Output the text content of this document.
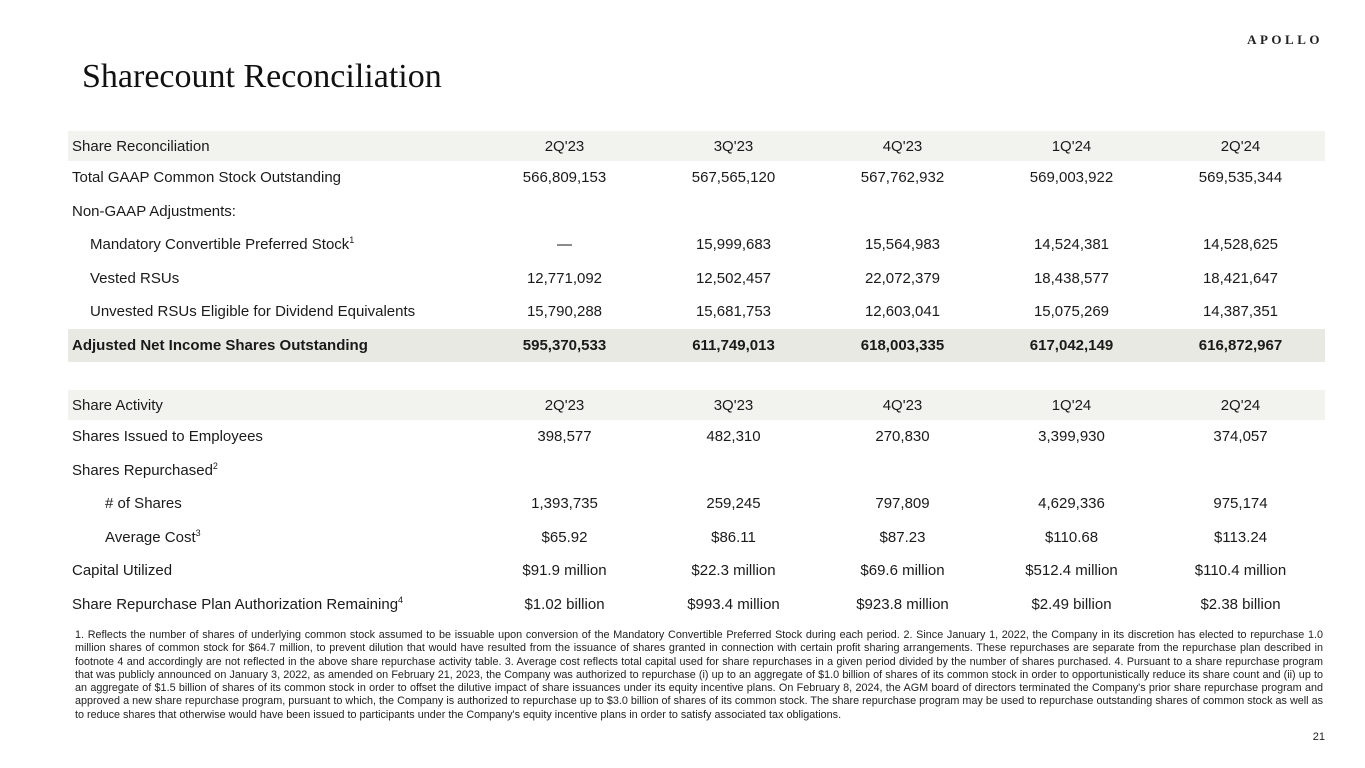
APOLLO
Sharecount Reconciliation
Share Reconciliation	2Q'23	3Q'23	4Q'23	1Q'24	2Q'24
Total GAAP Common Stock Outstanding	566,809,153	567,565,120	567,762,932	569,003,922	569,535,344
Non-GAAP Adjustments:
Mandatory Convertible Preferred Stock$^1$	—	15,999,683	15,564,983	14,524,381	14,528,625
Vested RSUs	12,771,092	12,502,457	22,072,379	18,438,577	18,421,647
Unvested RSUs Eligible for Dividend Equivalents	15,790,288	15,681,753	12,603,041	15,075,269	14,387,351
Adjusted Net Income Shares Outstanding	595,370,533	611,749,013	618,003,335	617,042,149	616,872,967
Share Activity	2Q'23	3Q'23	4Q'23	1Q'24	2Q'24
Shares Issued to Employees	398,577	482,310	270,830	3,399,930	374,057
Shares Repurchased$^2$
# of Shares	1,393,735	259,245	797,809	4,629,336	975,174
Average Cost$^3$	$65.92	$86.11	$87.23	$110.68	$113.24
Capital Utilized	$91.9 million	$22.3 million	$69.6 million	$512.4 million	$110.4 million
Share Repurchase Plan Authorization Remaining$^4$	$1.02 billion	$993.4 million	$923.8 million	$2.49 billion	$2.38 billion

1. Reflects the number of shares of underlying common stock assumed to be issuable upon conversion of the Mandatory Convertible Preferred Stock during each period. 2. Since January 1, 2022, the Company in its discretion has elected to repurchase 1.0 million shares of common stock for $64.7 million, to prevent dilution that would have resulted from the issuance of shares granted in connection with certain profit sharing arrangements. These repurchases are separate from the repurchase plan described in footnote 4 and accordingly are not reflected in the above share repurchase activity table. 3. Average cost reflects total capital used for share repurchases in a given period divided by the number of shares purchased. 4. Pursuant to a share repurchase program that was publicly announced on January 3, 2022, as amended on February 21, 2023, the Company was authorized to repurchase (i) up to an aggregate of $1.0 billion of shares of its common stock in order to opportunistically reduce its share count and (ii) up to an aggregate of $1.5 billion of shares of its common stock in order to offset the dilutive impact of share issuances under its equity incentive plans. On February 8, 2024, the AGM board of directors terminated the Company's prior share repurchase program and approved a new share repurchase program, pursuant to which, the Company is authorized to repurchase up to $3.0 billion of shares of its common stock. The share repurchase program may be used to repurchase outstanding shares of common stock as well as to reduce shares that otherwise would have been issued to participants under the Company's equity incentive plans in order to satisfy associated tax obligations.

21
